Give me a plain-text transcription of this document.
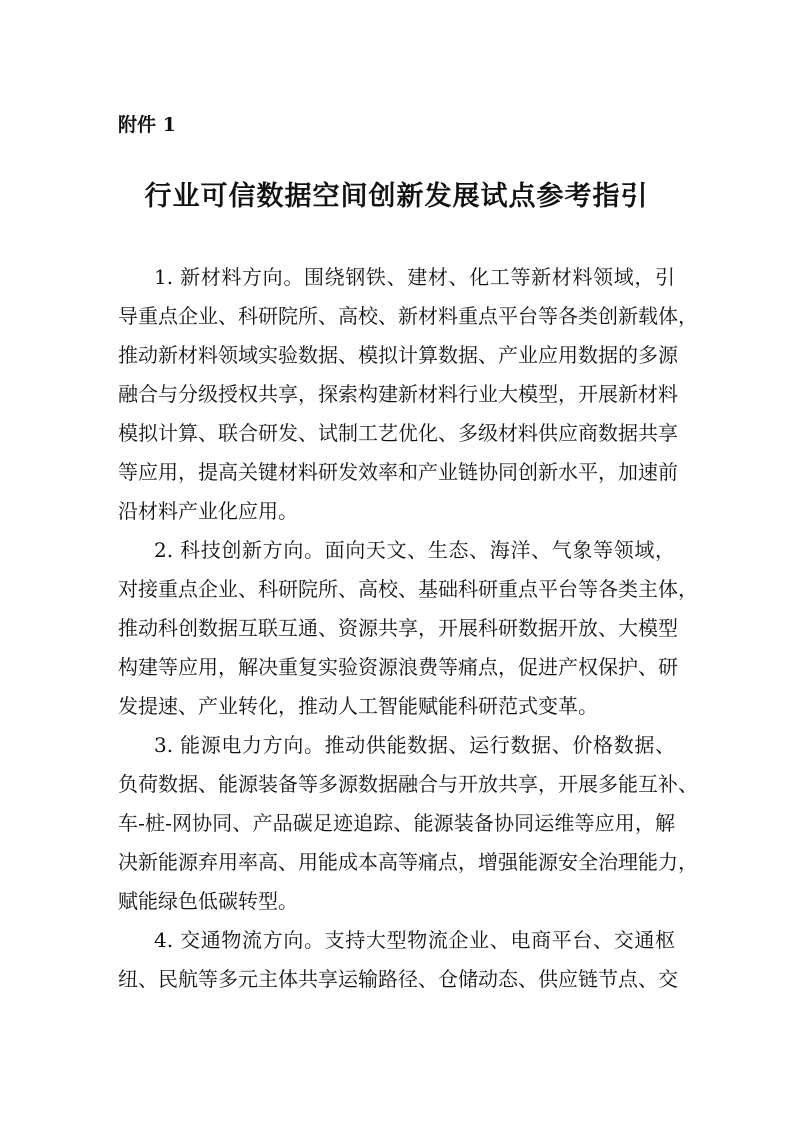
附件 1
行业可信数据空间创新发展试点参考指引
1. 新材料方向。围绕钢铁、建材、化工等新材料领域，引
导重点企业、科研院所、高校、新材料重点平台等各类创新载体，
推动新材料领域实验数据、模拟计算数据、产业应用数据的多源
融合与分级授权共享，探索构建新材料行业大模型，开展新材料
模拟计算、联合研发、试制工艺优化、多级材料供应商数据共享
等应用，提高关键材料研发效率和产业链协同创新水平，加速前
沿材料产业化应用。
2. 科技创新方向。面向天文、生态、海洋、气象等领域，
对接重点企业、科研院所、高校、基础科研重点平台等各类主体，
推动科创数据互联互通、资源共享，开展科研数据开放、大模型
构建等应用，解决重复实验资源浪费等痛点，促进产权保护、研
发提速、产业转化，推动人工智能赋能科研范式变革。
3. 能源电力方向。推动供能数据、运行数据、价格数据、
负荷数据、能源装备等多源数据融合与开放共享，开展多能互补、
车-桩-网协同、产品碳足迹追踪、能源装备协同运维等应用，解
决新能源弃用率高、用能成本高等痛点，增强能源安全治理能力，
赋能绿色低碳转型。
4. 交通物流方向。支持大型物流企业、电商平台、交通枢
纽、民航等多元主体共享运输路径、仓储动态、供应链节点、交
